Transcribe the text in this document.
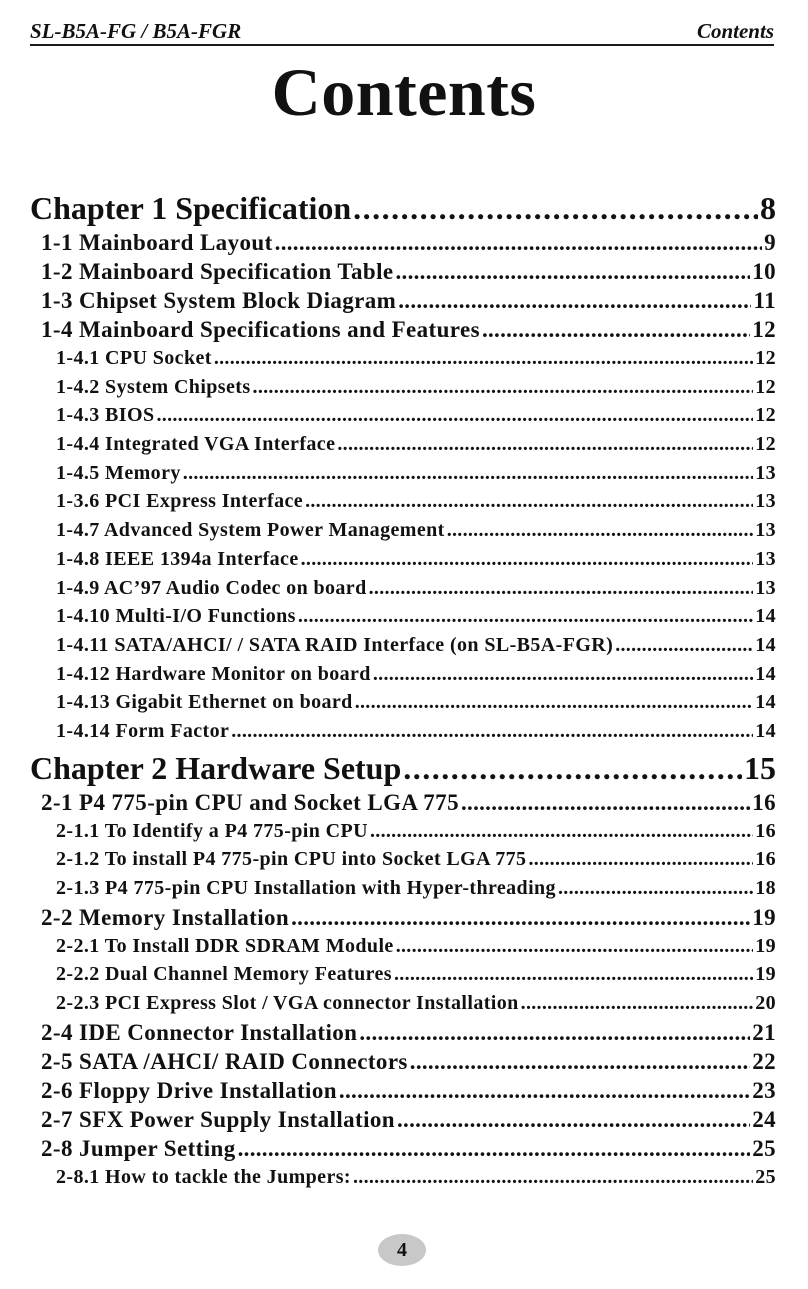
SL-B5A-FG / B5A-FGR	Contents
Contents
Chapter 1 Specification .....	8
1-1 Mainboard Layout .....	9
1-2 Mainboard Specification Table .....	10
1-3 Chipset System Block Diagram .....	11
1-4 Mainboard Specifications and Features .....	12
1-4.1 CPU Socket .....	12
1-4.2 System Chipsets .....	12
1-4.3 BIOS .....	12
1-4.4 Integrated VGA Interface .....	12
1-4.5 Memory .....	13
1-3.6 PCI Express Interface .....	13
1-4.7 Advanced System Power Management .....	13
1-4.8 IEEE 1394a Interface .....	13
1-4.9 AC’97 Audio Codec on board .....	13
1-4.10 Multi-I/O Functions .....	14
1-4.11 SATA/AHCI/ / SATA RAID Interface (on SL-B5A-FGR) .....	14
1-4.12 Hardware Monitor on board .....	14
1-4.13 Gigabit Ethernet on board .....	14
1-4.14 Form Factor .....	14
Chapter 2 Hardware Setup .....	15
2-1 P4 775-pin CPU and Socket LGA 775 .....	16
2-1.1 To Identify a P4 775-pin CPU .....	16
2-1.2 To install P4 775-pin CPU into Socket LGA 775 .....	16
2-1.3 P4 775-pin CPU Installation with Hyper-threading .....	18
2-2 Memory Installation .....	19
2-2.1 To Install DDR SDRAM Module .....	19
2-2.2 Dual Channel Memory Features .....	19
2-2.3 PCI Express Slot / VGA connector Installation .....	20
2-4 IDE Connector Installation .....	21
2-5 SATA /AHCI/ RAID Connectors .....	22
2-6 Floppy Drive Installation .....	23
2-7 SFX Power Supply Installation .....	24
2-8 Jumper Setting .....	25
2-8.1 How to tackle the Jumpers: .....	25
4
